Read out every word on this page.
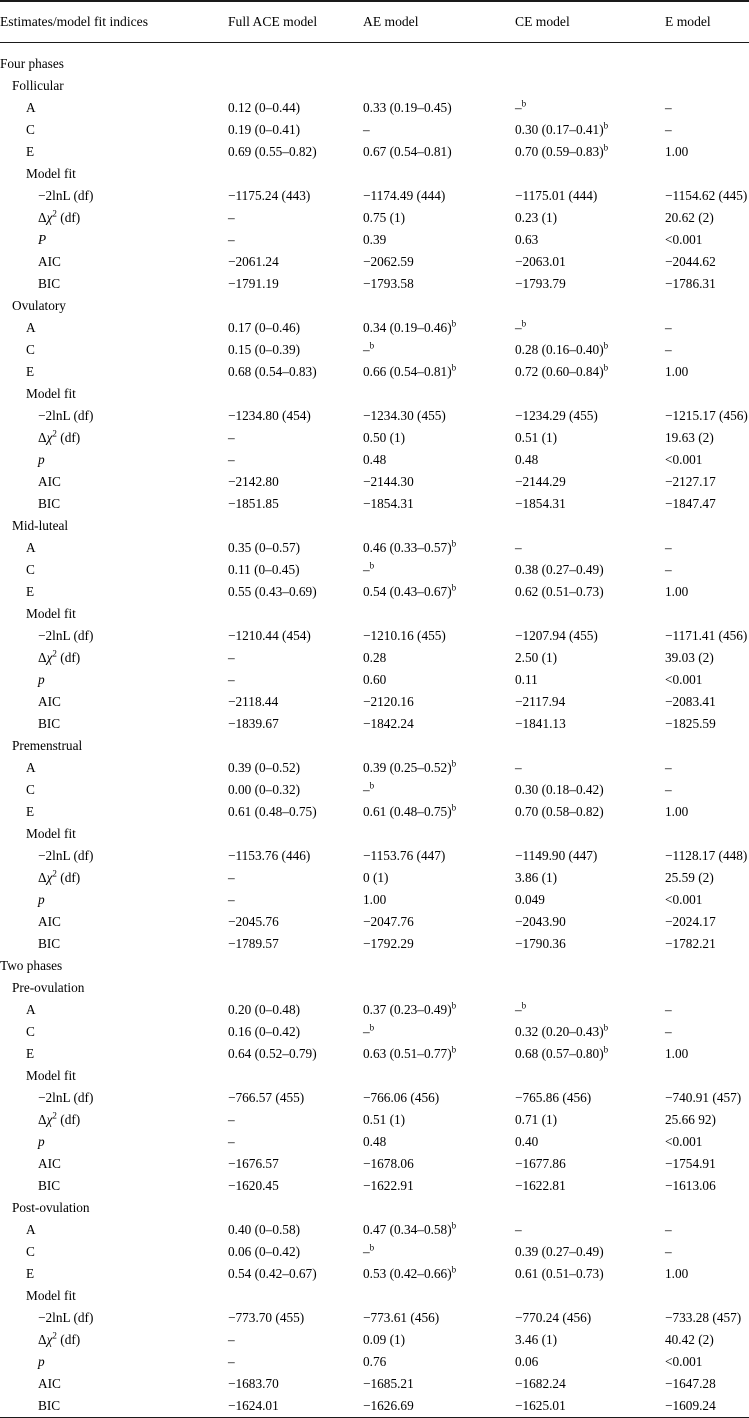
Estimates/model fit indices	Full ACE model	AE model	CE model	E model

Four phases				
Follicular				
A	0.12 (0–0.44)	0.33 (0.19–0.45)	–$^b$	–
C	0.19 (0–0.41)	–	0.30 $(0.17-0.41)^b$	–
E	0.69 (0.55–0.82)	0.67 (0.54–0.81)	0.70 $(0.59-0.83)^b$	1.00
Model fit				
−2lnL (df)	−1175.24 (443)	−1174.49 (444)	−1175.01 (444)	−1154.62 (445)
$\Delta\chi^2$ (df)	–	0.75 (1)	0.23 (1)	20.62 (2)
P	–	0.39	0.63	<0.001
AIC	−2061.24	−2062.59	−2063.01	−2044.62
BIC	−1791.19	−1793.58	−1793.79	−1786.31
Ovulatory				
A	0.17 (0–0.46)	0.34 $(0.19-0.46)^b$	–$^b$	–
C	0.15 (0–0.39)	–$^b$	0.28 $(0.16-0.40)^b$	–
E	0.68 (0.54–0.83)	0.66 $(0.54-0.81)^b$	0.72 $(0.60-0.84)^b$	1.00
Model fit				
−2lnL (df)	−1234.80 (454)	−1234.30 (455)	−1234.29 (455)	−1215.17 (456)
$\Delta\chi^2$ (df)	–	0.50 (1)	0.51 (1)	19.63 (2)
p	–	0.48	0.48	<0.001
AIC	−2142.80	−2144.30	−2144.29	−2127.17
BIC	−1851.85	−1854.31	−1854.31	−1847.47
Mid-luteal				
A	0.35 (0–0.57)	0.46 $(0.33-0.57)^b$	–	–
C	0.11 (0–0.45)	–$^b$	0.38 (0.27–0.49)	–
E	0.55 (0.43–0.69)	0.54 $(0.43-0.67)^b$	0.62 (0.51–0.73)	1.00
Model fit				
−2lnL (df)	−1210.44 (454)	−1210.16 (455)	−1207.94 (455)	−1171.41 (456)
$\Delta\chi^2$ (df)	–	0.28	2.50 (1)	39.03 (2)
p	–	0.60	0.11	<0.001
AIC	−2118.44	−2120.16	−2117.94	−2083.41
BIC	−1839.67	−1842.24	−1841.13	−1825.59
Premenstrual				
A	0.39 (0–0.52)	0.39 $(0.25-0.52)^b$	–	–
C	0.00 (0–0.32)	–$^b$	0.30 (0.18–0.42)	–
E	0.61 (0.48–0.75)	0.61 $(0.48-0.75)^b$	0.70 (0.58–0.82)	1.00
Model fit				
−2lnL (df)	−1153.76 (446)	−1153.76 (447)	−1149.90 (447)	−1128.17 (448)
$\Delta\chi^2$ (df)	–	0 (1)	3.86 (1)	25.59 (2)
p	–	1.00	0.049	<0.001
AIC	−2045.76	−2047.76	−2043.90	−2024.17
BIC	−1789.57	−1792.29	−1790.36	−1782.21
Two phases				
Pre-ovulation				
A	0.20 (0–0.48)	0.37 $(0.23-0.49)^b$	–$^b$	–
C	0.16 (0–0.42)	–$^b$	0.32 $(0.20-0.43)^b$	–
E	0.64 (0.52–0.79)	0.63 $(0.51-0.77)^b$	0.68 $(0.57-0.80)^b$	1.00
Model fit				
−2lnL (df)	−766.57 (455)	−766.06 (456)	−765.86 (456)	−740.91 (457)
$\Delta\chi^2$ (df)	–	0.51 (1)	0.71 (1)	25.66 92)
p	–	0.48	0.40	<0.001
AIC	−1676.57	−1678.06	−1677.86	−1754.91
BIC	−1620.45	−1622.91	−1622.81	−1613.06
Post-ovulation				
A	0.40 (0–0.58)	0.47 $(0.34-0.58)^b$	–	–
C	0.06 (0–0.42)	–$^b$	0.39 (0.27–0.49)	–
E	0.54 (0.42–0.67)	0.53 $(0.42-0.66)^b$	0.61 (0.51–0.73)	1.00
Model fit				
−2lnL (df)	−773.70 (455)	−773.61 (456)	−770.24 (456)	−733.28 (457)
$\Delta\chi^2$ (df)	–	0.09 (1)	3.46 (1)	40.42 (2)
p	–	0.76	0.06	<0.001
AIC	−1683.70	−1685.21	−1682.24	−1647.28
BIC	−1624.01	−1626.69	−1625.01	−1609.24
